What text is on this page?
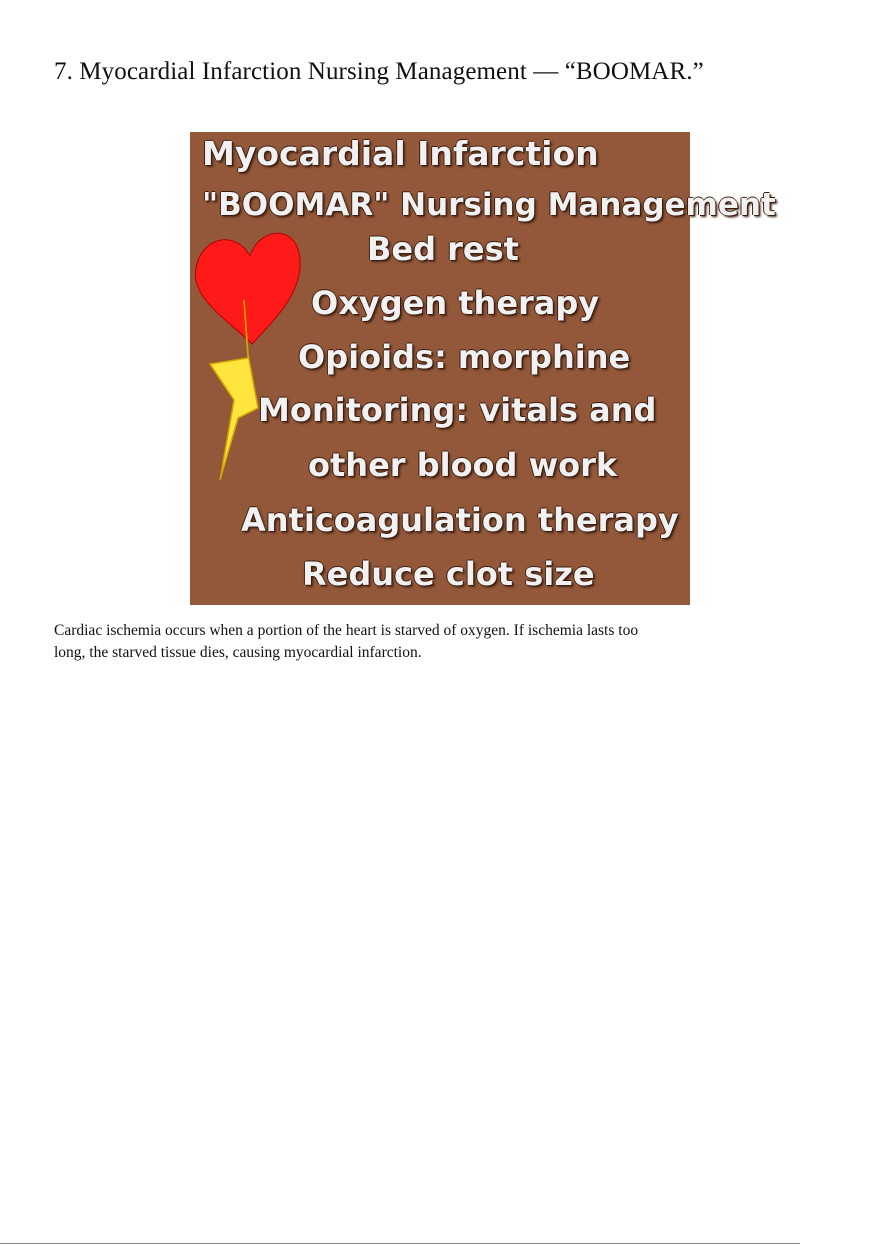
7. Myocardial Infarction Nursing Management — “BOOMAR.”

Myocardial Infarction

"BOOMAR" Nursing Management

Bed rest

Oxygen therapy

Opioids: morphine

Monitoring: vitals and

other blood work

Anticoagulation therapy

Reduce clot size

Cardiac ischemia occurs when a portion of the heart is starved of oxygen. If ischemia lasts too long, the starved tissue dies, causing myocardial infarction.
